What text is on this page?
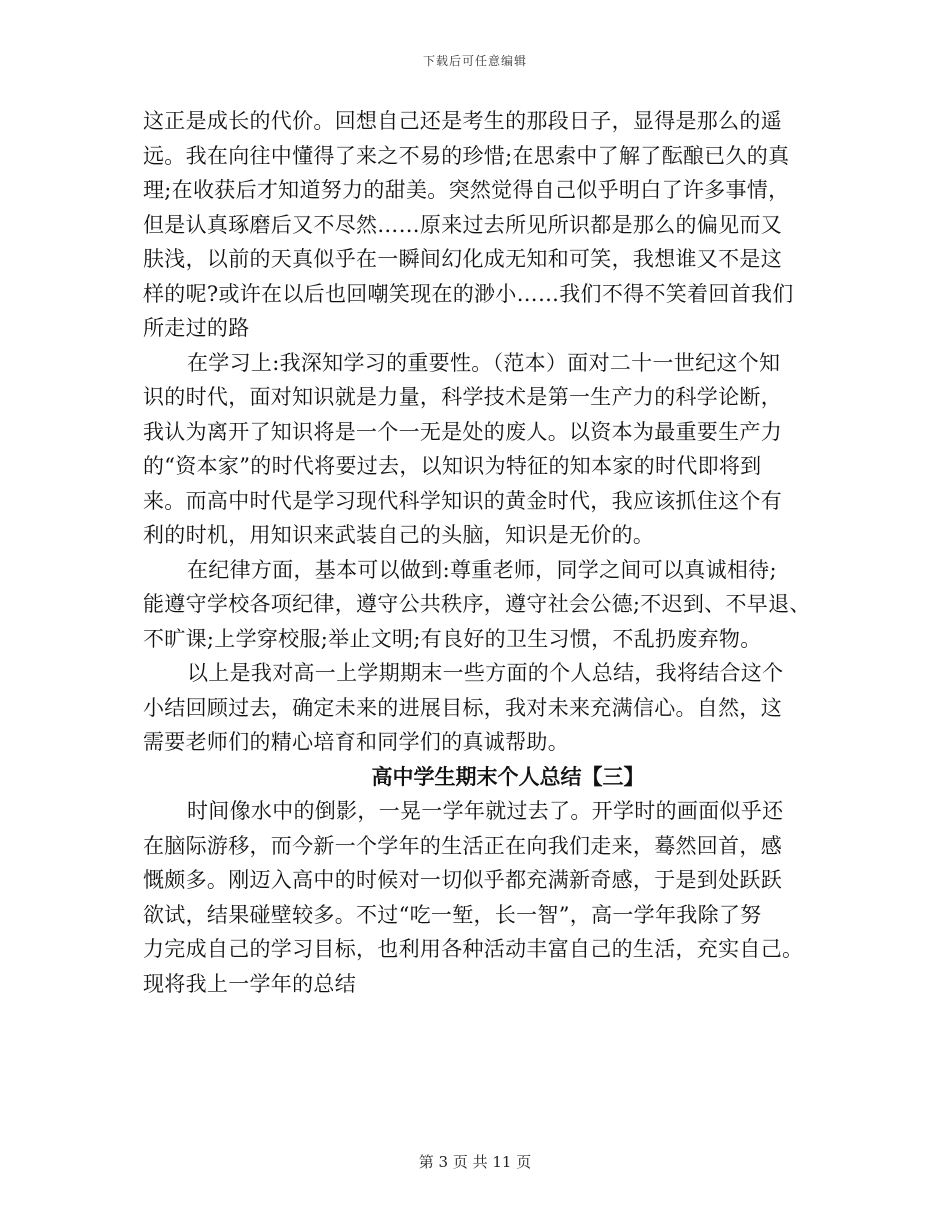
下载后可任意编辑
这正是成长的代价。回想自己还是考生的那段日子，显得是那么的遥
远。我在向往中懂得了来之不易的珍惜;在思索中了解了酝酿已久的真
理;在收获后才知道努力的甜美。突然觉得自己似乎明白了许多事情，
但是认真琢磨后又不尽然……原来过去所见所识都是那么的偏见而又
肤浅，以前的天真似乎在一瞬间幻化成无知和可笑，我想谁又不是这
样的呢?或许在以后也回嘲笑现在的渺小……我们不得不笑着回首我们
所走过的路
在学习上:我深知学习的重要性。（范本）面对二十一世纪这个知
识的时代，面对知识就是力量，科学技术是第一生产力的科学论断，
我认为离开了知识将是一个一无是处的废人。以资本为最重要生产力
的“资本家”的时代将要过去，以知识为特征的知本家的时代即将到
来。而高中时代是学习现代科学知识的黄金时代，我应该抓住这个有
利的时机，用知识来武装自己的头脑，知识是无价的。
在纪律方面，基本可以做到:尊重老师，同学之间可以真诚相待;
能遵守学校各项纪律，遵守公共秩序，遵守社会公德;不迟到、不早退、
不旷课;上学穿校服;举止文明;有良好的卫生习惯，不乱扔废弃物。
以上是我对高一上学期期末一些方面的个人总结，我将结合这个
小结回顾过去，确定未来的进展目标，我对未来充满信心。自然，这
需要老师们的精心培育和同学们的真诚帮助。
高中学生期末个人总结【三】
时间像水中的倒影，一晃一学年就过去了。开学时的画面似乎还
在脑际游移，而今新一个学年的生活正在向我们走来，蓦然回首，感
慨颇多。刚迈入高中的时候对一切似乎都充满新奇感，于是到处跃跃
欲试，结果碰壁较多。不过“吃一堑，长一智”，高一学年我除了努
力完成自己的学习目标，也利用各种活动丰富自己的生活，充实自己。
现将我上一学年的总结
第 3 页 共 11 页
